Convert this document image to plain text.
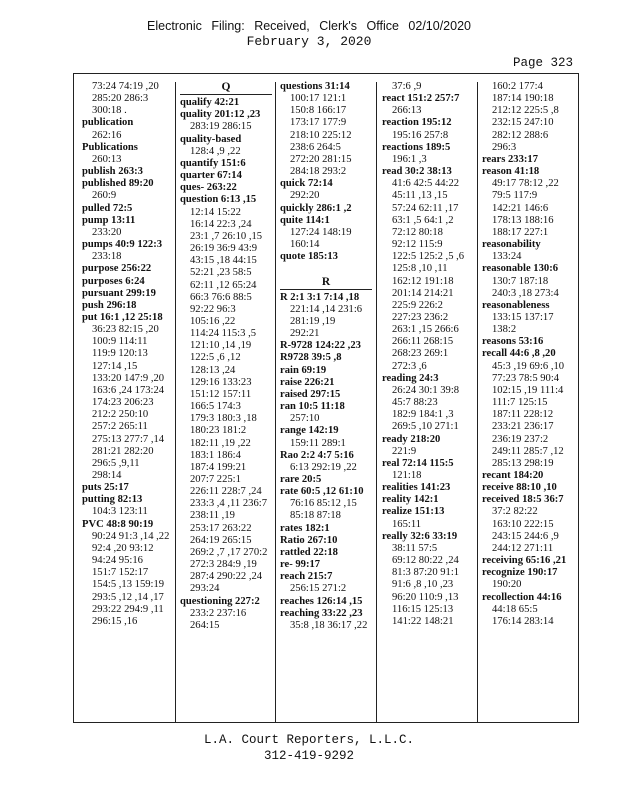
Electronic Filing: Received, Clerk's Office 02/10/2020
February 3, 2020
Page 323
73:24 74:19 ,20
285:20 286:3
300:18 .
publication
262:16
Publications
260:13
publish 263:3
published 89:20
260:9
pulled 72:5
pump 13:11
233:20
pumps 40:9 122:3
233:18
purpose 256:22
purposes 6:24
pursuant 299:19
push 296:18
put 16:1 ,12 25:18
36:23 82:15 ,20
100:9 114:11
119:9 120:13
127:14 ,15
133:20 147:9 ,20
163:6 ,24 173:24
174:23 206:23
212:2 250:10
257:2 265:11
275:13 277:7 ,14
281:21 282:20
296:5 ,9,11
298:14
puts 25:17
putting 82:13
104:3 123:11
PVC 48:8 90:19
90:24 91:3 ,14 ,22
92:4 ,20 93:12
94:24 95:16
151:7 152:17
154:5 ,13 159:19
293:5 ,12 ,14 ,17
293:22 294:9 ,11
296:15 ,16
Q
qualify 42:21
quality 201:12 ,23
283:19 286:15
quality-based
128:4 ,9 ,22
quantify 151:6
quarter 67:14
ques- 263:22
question 6:13 ,15
12:14 15:22
16:14 22:3 ,24
23:1 ,7 26:10 ,15
26:19 36:9 43:9
43:15 ,18 44:15
52:21 ,23 58:5
62:11 ,12 65:24
66:3 76:6 88:5
92:22 96:3
105:16 ,22
114:24 115:3 ,5
121:10 ,14 ,19
122:5 ,6 ,12
128:13 ,24
129:16 133:23
151:12 157:11
166:5 174:3
179:3 180:3 ,18
180:23 181:2
182:11 ,19 ,22
183:1 186:4
187:4 199:21
207:7 225:1
226:11 228:7 ,24
233:3 ,4 ,11 236:7
238:11 ,19
253:17 263:22
264:19 265:15
269:2 ,7 ,17 270:2
272:3 284:9 ,19
287:4 290:22 ,24
293:24
questioning 227:2
233:2 237:16
264:15
questions 31:14
100:17 121:1
150:8 166:17
173:17 177:9
218:10 225:12
238:6 264:5
272:20 281:15
284:18 293:2
quick 72:14
292:20
quickly 286:1 ,2
quite 114:1
127:24 148:19
160:14
quote 185:13

R
R 2:1 3:1 7:14 ,18
221:14 ,14 231:6
281:19 ,19
292:21
R-9728 124:22 ,23
R9728 39:5 ,8
rain 69:19
raise 226:21
raised 297:15
ran 10:5 11:18
257:10
range 142:19
159:11 289:1
Rao 2:2 4:7 5:16
6:13 292:19 ,22
rare 20:5
rate 60:5 ,12 61:10
76:16 85:12 ,15
85:18 87:18
rates 182:1
Ratio 267:10
rattled 22:18
re- 99:17
reach 215:7
256:15 271:2
reaches 126:14 ,15
reaching 33:22 ,23
35:8 ,18 36:17 ,22
37:6 ,9
react 151:2 257:7
266:13
reaction 195:12
195:16 257:8
reactions 189:5
196:1 ,3
read 30:2 38:13
41:6 42:5 44:22
45:11 ,13 ,15
57:24 62:11 ,17
63:1 ,5 64:1 ,2
72:12 80:18
92:12 115:9
122:5 125:2 ,5 ,6
125:8 ,10 ,11
162:12 191:18
201:14 214:21
225:9 226:2
227:23 236:2
263:1 ,15 266:6
266:11 268:15
268:23 269:1
272:3 ,6
reading 24:3
26:24 30:1 39:8
45:7 88:23
182:9 184:1 ,3
269:5 ,10 271:1
ready 218:20
221:9
real 72:14 115:5
121:18
realities 141:23
reality 142:1
realize 151:13
165:11
really 32:6 33:19
38:11 57:5
69:12 80:22 ,24
81:3 87:20 91:1
91:6 ,8 ,10 ,23
96:20 110:9 ,13
116:15 125:13
141:22 148:21
160:2 177:4
187:14 190:18
212:12 225:5 ,8
232:15 247:10
282:12 288:6
296:3
rears 233:17
reason 41:18
49:17 78:12 ,22
79:5 117:9
142:21 146:6
178:13 188:16
188:17 227:1
reasonability
133:24
reasonable 130:6
130:7 187:18
240:3 ,18 273:4
reasonableness
133:15 137:17
138:2
reasons 53:16
recall 44:6 ,8 ,20
45:3 ,19 69:6 ,10
77:23 78:5 90:4
102:15 ,19 111:4
111:7 125:15
187:11 228:12
233:21 236:17
236:19 237:2
249:11 285:7 ,12
285:13 298:19
recant 184:20
receive 88:10 ,10
received 18:5 36:7
37:2 82:22
163:10 222:15
243:15 244:6 ,9
244:12 271:11
receiving 65:16 ,21
recognize 190:17
190:20
recollection 44:16
44:18 65:5
176:14 283:14
L.A. Court Reporters, L.L.C.
312-419-9292
